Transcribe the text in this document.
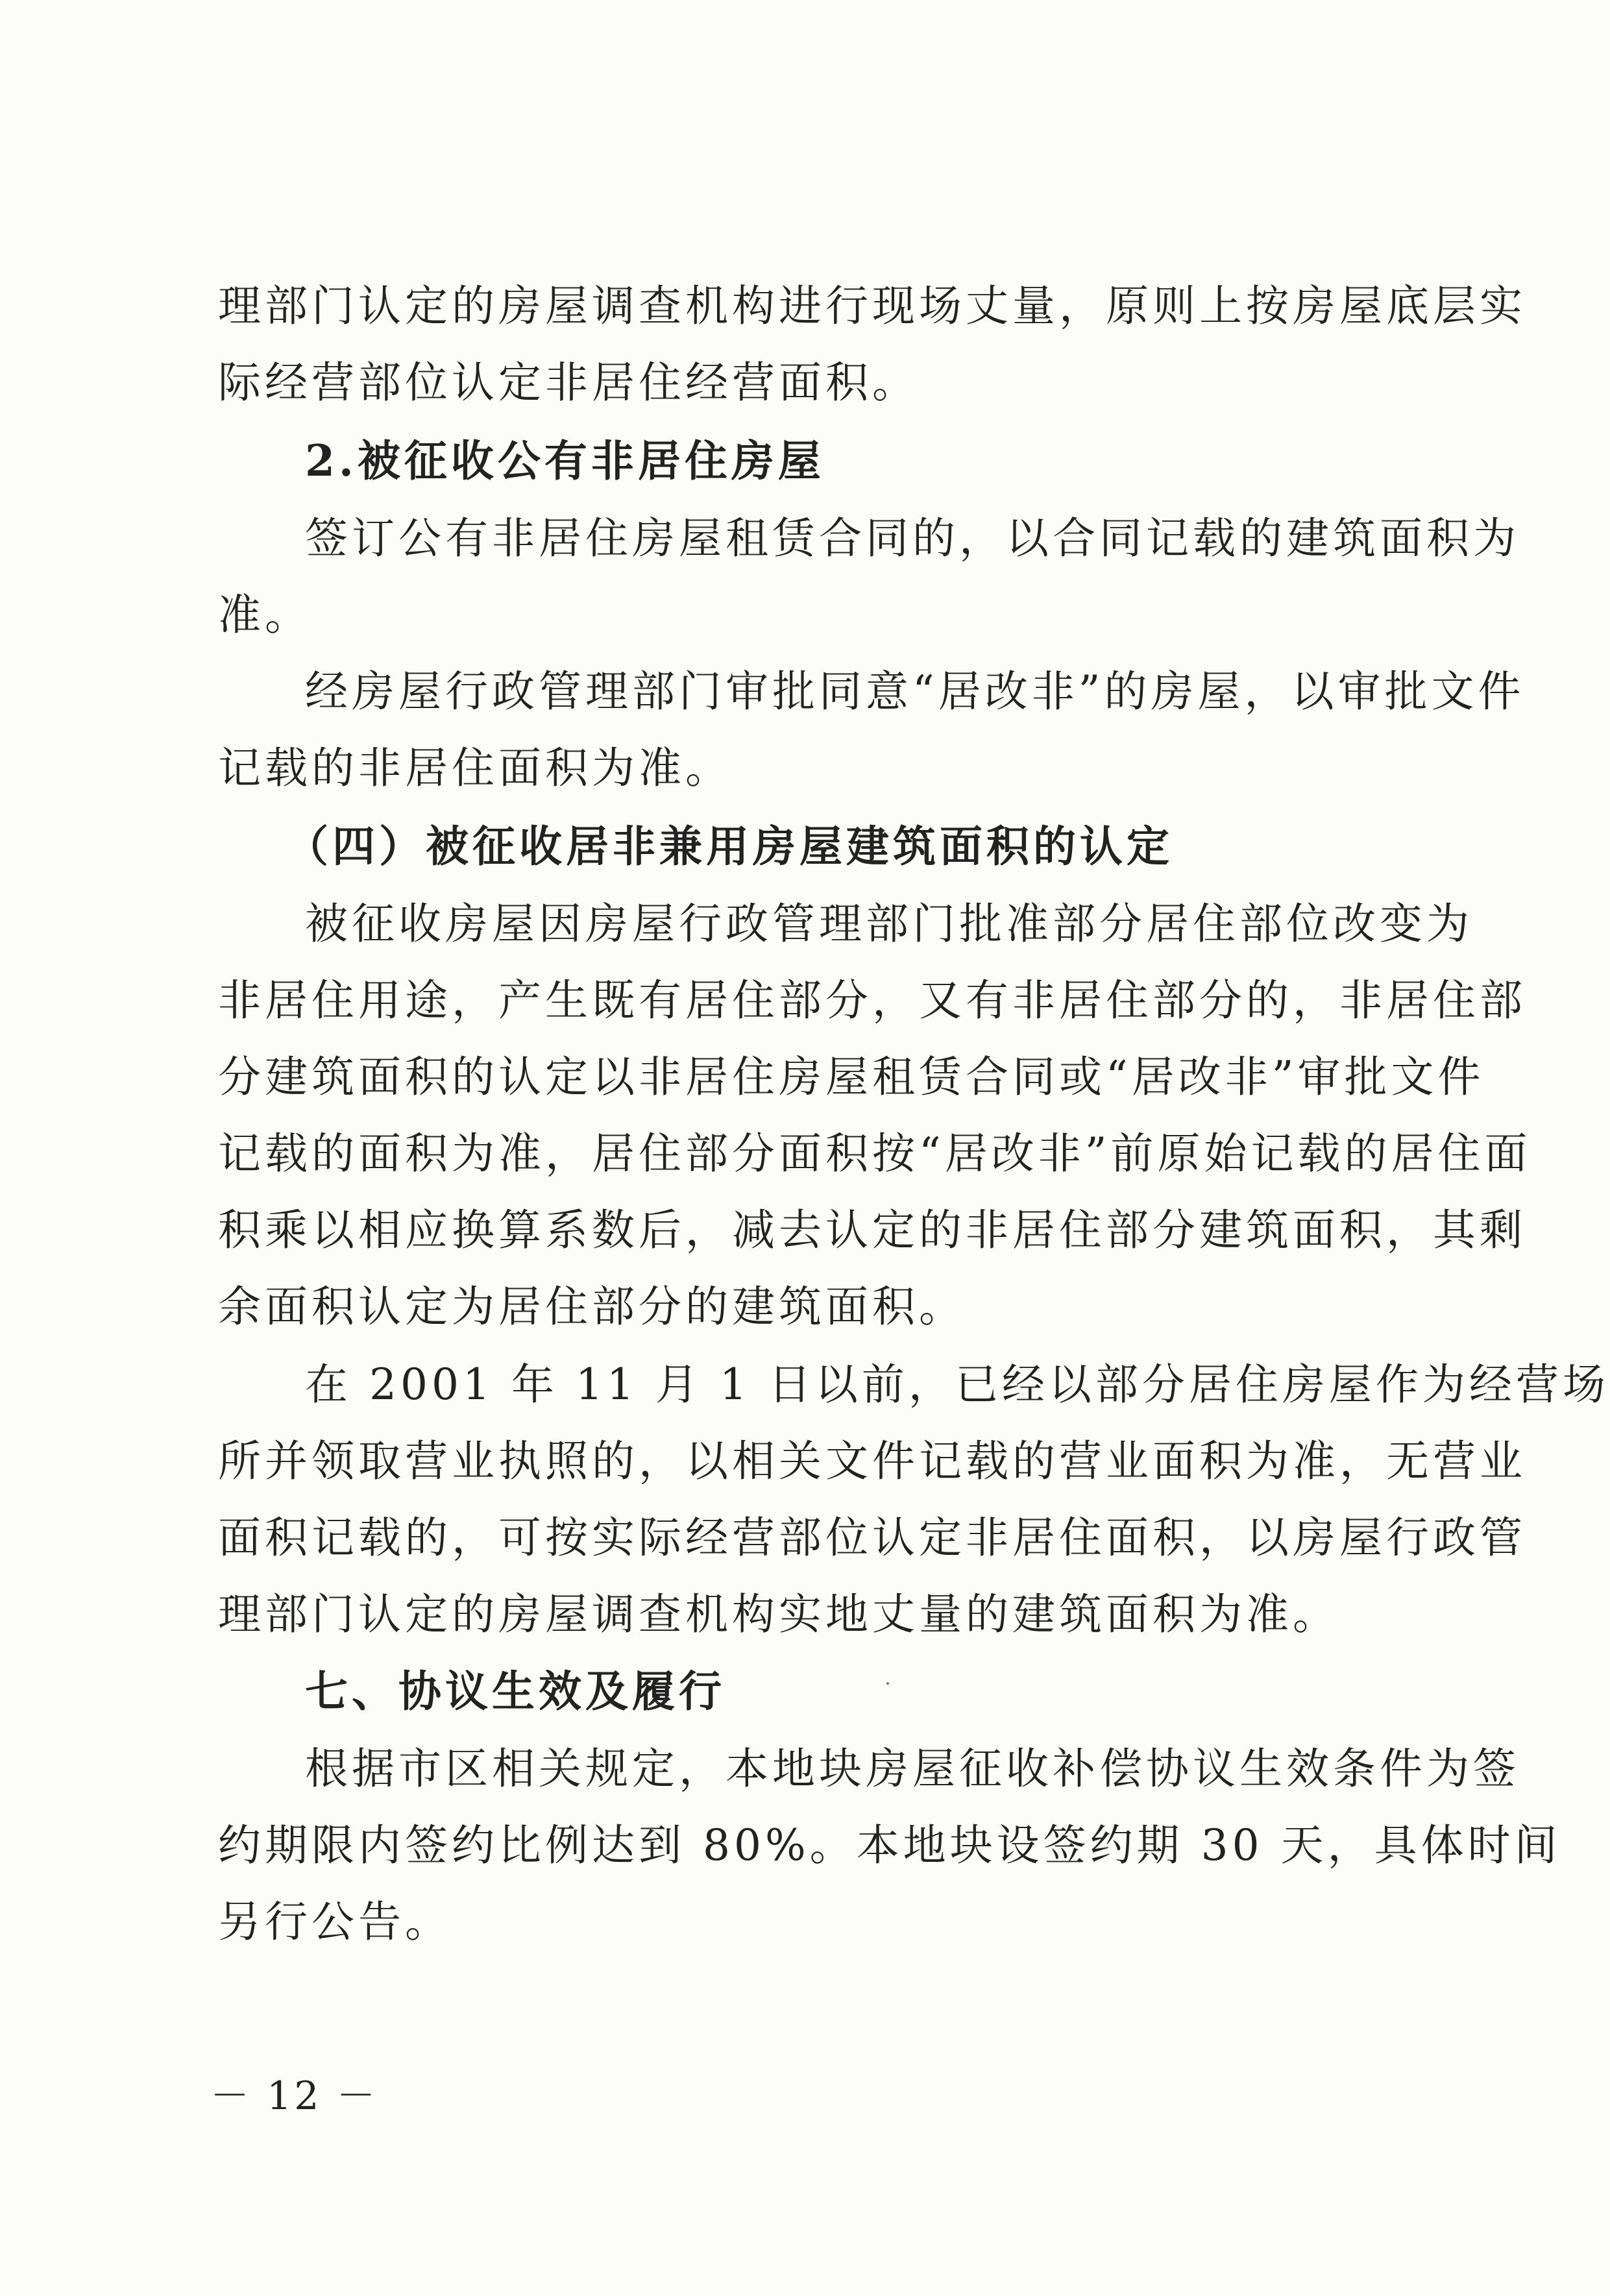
理部门认定的房屋调查机构进行现场丈量，原则上按房屋底层实
际经营部位认定非居住经营面积。
2.被征收公有非居住房屋
签订公有非居住房屋租赁合同的，以合同记载的建筑面积为
准。
经房屋行政管理部门审批同意“居改非”的房屋，以审批文件
记载的非居住面积为准。
（四）被征收居非兼用房屋建筑面积的认定
被征收房屋因房屋行政管理部门批准部分居住部位改变为
非居住用途，产生既有居住部分，又有非居住部分的，非居住部
分建筑面积的认定以非居住房屋租赁合同或“居改非”审批文件
记载的面积为准，居住部分面积按“居改非”前原始记载的居住面
积乘以相应换算系数后，减去认定的非居住部分建筑面积，其剩
余面积认定为居住部分的建筑面积。
在 2001 年 11 月 1 日以前，已经以部分居住房屋作为经营场
所并领取营业执照的，以相关文件记载的营业面积为准，无营业
面积记载的，可按实际经营部位认定非居住面积，以房屋行政管
理部门认定的房屋调查机构实地丈量的建筑面积为准。
七、协议生效及履行
根据市区相关规定，本地块房屋征收补偿协议生效条件为签
约期限内签约比例达到 80%。本地块设签约期 30 天，具体时间
另行公告。
－ 12 －
